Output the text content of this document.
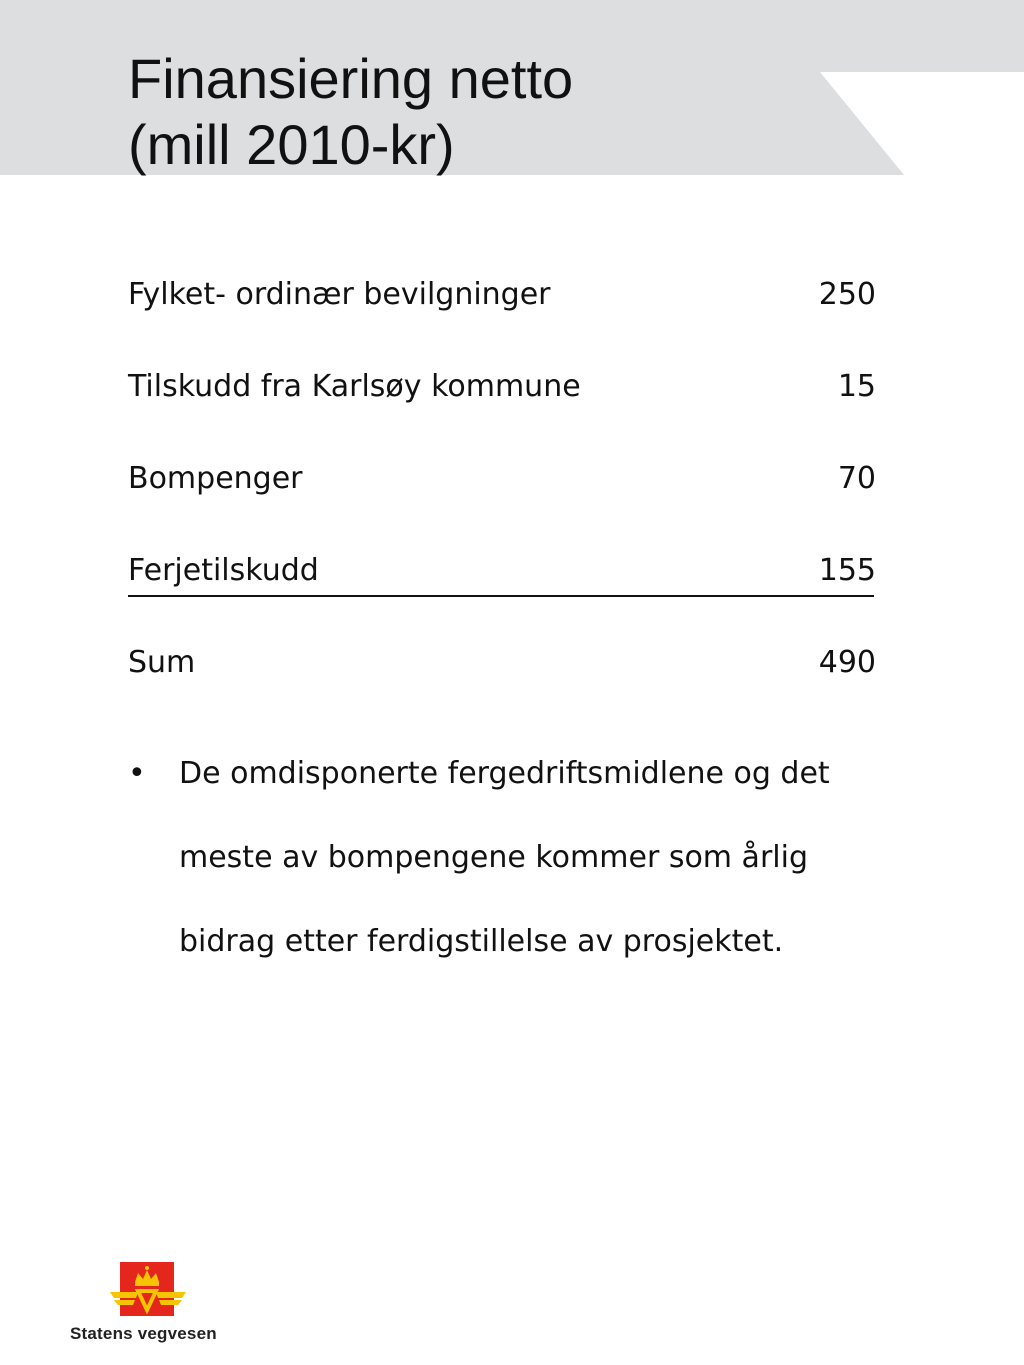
Finansiering netto
(mill 2010-kr)
Fylket- ordinær bevilgninger	250
Tilskudd fra Karlsøy kommune	15
Bompenger	70
Ferjetilskudd	155
Sum	490
• De omdisponerte fergedriftsmidlene og det
meste av bompengene kommer som årlig
bidrag etter ferdigstillelse av prosjektet.
Statens vegvesen
